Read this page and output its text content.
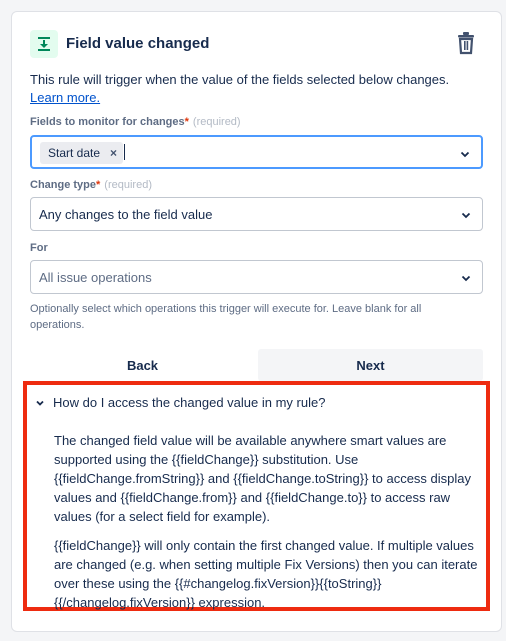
Field value changed
This rule will trigger when the value of the fields selected below changes.
Learn more.
Fields to monitor for changes* (required)
Start date ×
Change type* (required)
Any changes to the field value
For
All issue operations
Optionally select which operations this trigger will execute for. Leave blank for all operations.
Back	Next
How do I access the changed value in my rule?

The changed field value will be available anywhere smart values are supported using the {{fieldChange}} substitution. Use {{fieldChange.fromString}} and {{fieldChange.toString}} to access display values and {{fieldChange.from}} and {{fieldChange.to}} to access raw values (for a select field for example).

{{fieldChange}} will only contain the first changed value. If multiple values are changed (e.g. when setting multiple Fix Versions) then you can iterate over these using the {{#changelog.fixVersion}}{{toString}}{{/changelog.fixVersion}} expression.
